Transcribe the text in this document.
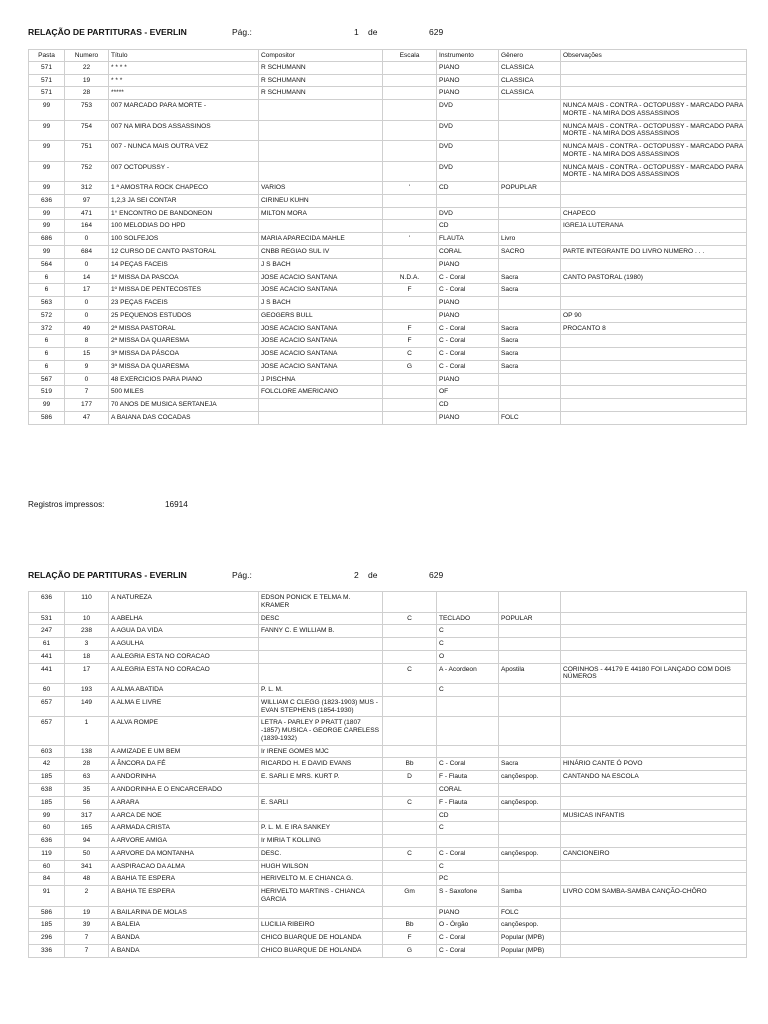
RELAÇÃO DE PARTITURAS - EVERLIN	Pág.:	1 de	629
Pasta	Numero	Título	Compositor	Escala	Instrumento	Gênero	Observações
571	22	* * * *	R SCHUMANN		PIANO	CLASSICA	
571	19	* * *	R SCHUMANN		PIANO	CLASSICA	
571	28	*****	R SCHUMANN		PIANO	CLASSICA	
99	753	007 MARCADO PARA MORTE -			DVD		NUNCA MAIS - CONTRA - OCTOPUSSY - MARCADO PARA MORTE - NA MIRA DOS ASSASSINOS
99	754	007 NA MIRA DOS ASSASSINOS			DVD		NUNCA MAIS - CONTRA - OCTOPUSSY - MARCADO PARA MORTE - NA MIRA DOS ASSASSINOS
99	751	007 - NUNCA MAIS OUTRA VEZ			DVD		NUNCA MAIS - CONTRA - OCTOPUSSY - MARCADO PARA MORTE - NA MIRA DOS ASSASSINOS
99	752	007 OCTOPUSSY -			DVD		NUNCA MAIS - CONTRA - OCTOPUSSY - MARCADO PARA MORTE - NA MIRA DOS ASSASSINOS
99	312	1 ª AMOSTRA ROCK CHAPECO	VARIOS	'	CD	POPUPLAR	
636	97	1,2,3 JA SEI CONTAR	CIRINEU KUHN				
99	471	1° ENCONTRO DE BANDONEON	MILTON MORA		DVD		CHAPECO
99	164	100 MELODIAS DO HPD			CD		IGREJA LUTERANA
686	0	100 SOLFEJOS	MARIA APARECIDA MAHLE	'	FLAUTA	Livro	
99	684	12 CURSO DE CANTO PASTORAL	CNBB REGIAO SUL IV		CORAL	SACRO	PARTE INTEGRANTE DO LIVRO NUMERO . . .
564	0	14 PEÇAS FACEIS	J S BACH		PIANO		
6	14	1º MISSA DA PASCOA	JOSE ACACIO SANTANA	N.D.A.	C - Coral	Sacra	CANTO PASTORAL (1980)
6	17	1º MISSA DE PENTECOSTES	JOSE ACACIO SANTANA	F	C - Coral	Sacra	
563	0	23 PEÇAS FACEIS	J S BACH		PIANO		
572	0	25 PEQUENOS ESTUDOS	GEOGERS BULL		PIANO		OP 90
372	49	2ª MISSA PASTORAL	JOSE ACACIO SANTANA	F	C - Coral	Sacra	PROCANTO 8
6	8	2ª MISSA DA QUARESMA	JOSE ACACIO SANTANA	F	C - Coral	Sacra	
6	15	3ª MISSA DA PÁSCOA	JOSE ACACIO SANTANA	C	C - Coral	Sacra	
6	9	3ª MISSA DA QUARESMA	JOSE ACACIO SANTANA	G	C - Coral	Sacra	
567	0	48 EXERCICIOS PARA PIANO	J PISCHNA		PIANO		
519	7	500 MILES	FOLCLORE AMERICANO		OF		
99	177	70 ANOS DE MUSICA SERTANEJA			CD		
586	47	A BAIANA DAS COCADAS			PIANO	FOLC	
Registros impressos:	16914
RELAÇÃO DE PARTITURAS - EVERLIN	Pág.:	2 de	629
636	110	A NATUREZA	EDSON PONICK E TELMA M. KRAMER				
531	10	A ABELHA	DESC	C	TECLADO	POPULAR	
247	238	A AGUA DA VIDA	FANNY C. E WILLIAM B.		C		
61	3	A AGULHA			C		
441	18	A ALEGRIA ESTA NO CORACAO			O		
441	17	A ALEGRIA ESTA NO CORACAO		C	A - Acordeon	Apostila	CORINHOS - 44179 E 44180 FOI LANÇADO COM DOIS NÚMEROS
60	193	A ALMA ABATIDA	P. L. M.		C		
657	149	A ALMA E LIVRE	WILLIAM C CLEGG (1823-1903) MUS - EVAN STEPHENS (1854-1930)				
657	1	A ALVA ROMPE	LETRA - PARLEY P PRATT (1807 -1857) MUSICA - GEORGE CARELESS (1839-1932)				
603	138	A AMIZADE E UM BEM	Ir IRENE GOMES MJC				
42	28	A ÂNCORA DA FÉ	RICARDO H. E DAVID EVANS	Bb	C - Coral	Sacra	HINÁRIO CANTE Ó POVO
185	63	A ANDORINHA	E. SARLI E MRS. KURT P.	D	F - Flauta	cançõespop.	CANTANDO NA ESCOLA
638	35	A ANDORINHA E O ENCARCERADO			CORAL		
185	56	A ARARA	E. SARLI	C	F - Flauta	cançõespop.	
99	317	A ARCA DE NOE			CD		MUSICAS INFANTIS
60	165	A ARMADA CRISTA	P. L. M. E IRA SANKEY		C		
636	94	A ARVORE AMIGA	Ir MIRIA T KOLLING				
119	50	A ARVORE DA MONTANHA	DESC.	C	C - Coral	cançõespop.	CANCIONEIRO
60	341	A ASPIRACAO DA ALMA	HUGH WILSON		C		
84	48	A BAHIA TE ESPERA	HERIVELTO M. E CHIANCA G.		PC		
91	2	A BAHIA TE ESPERA	HERIVELTO MARTINS - CHIANCA GARCIA	Gm	S - Saxofone	Samba	LIVRO COM SAMBA-SAMBA CANÇÃO-CHÔRO
586	19	A BAILARINA DE MOLAS			PIANO	FOLC	
185	39	A BALEIA	LUCILIA RIBEIRO	Bb	O - Órgão	cançõespop.	
296	7	A BANDA	CHICO BUARQUE DE HOLANDA	F	C - Coral	Popular (MPB)	
336	7	A BANDA	CHICO BUARQUE DE HOLANDA	G	C - Coral	Popular (MPB)	
